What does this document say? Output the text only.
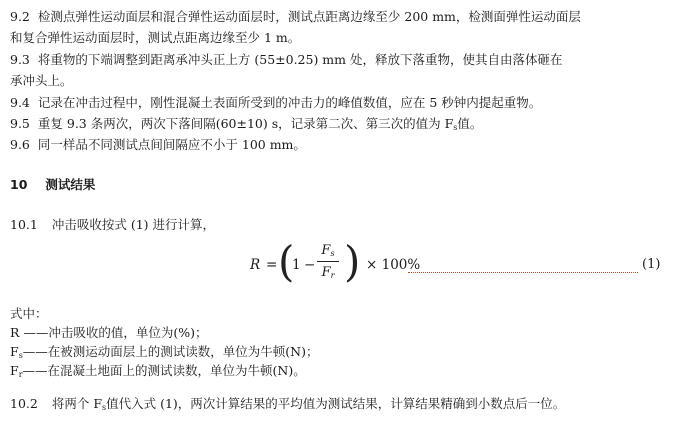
9.2 检测点弹性运动面层和混合弹性运动面层时，测试点距离边缘至少 200 mm，检测面弹性运动面层
和复合弹性运动面层时，测试点距离边缘至少 1 m。
9.3 将重物的下端调整到距离承冲头正上方 (55±0.25) mm 处，释放下落重物，使其自由落体砸在
承冲头上。
9.4 记录在冲击过程中，刚性混凝土表面所受到的冲击力的峰值数值，应在 5 秒钟内提起重物。
9.5 重复 9.3 条两次，两次下落间隔(60±10) s，记录第二次、第三次的值为 $F_s$值。
9.6 同一样品不同测试点间间隔应不小于 100 mm。
10 测试结果
10.1 冲击吸收按式 (1) 进行计算，
R = (
1 −
$F_s$
$F_r$ ) × 100%	(1)
式中：
R ——冲击吸收的值，单位为(%)；
$F_s——$在被测运动面层上的测试读数，单位为牛顿(N)；
$F_r——$在混凝土地面上的测试读数，单位为牛顿(N)。
10.2 将两个 $F_s$值代入式 (1)，两次计算结果的平均值为测试结果，计算结果精确到小数点后一位。
